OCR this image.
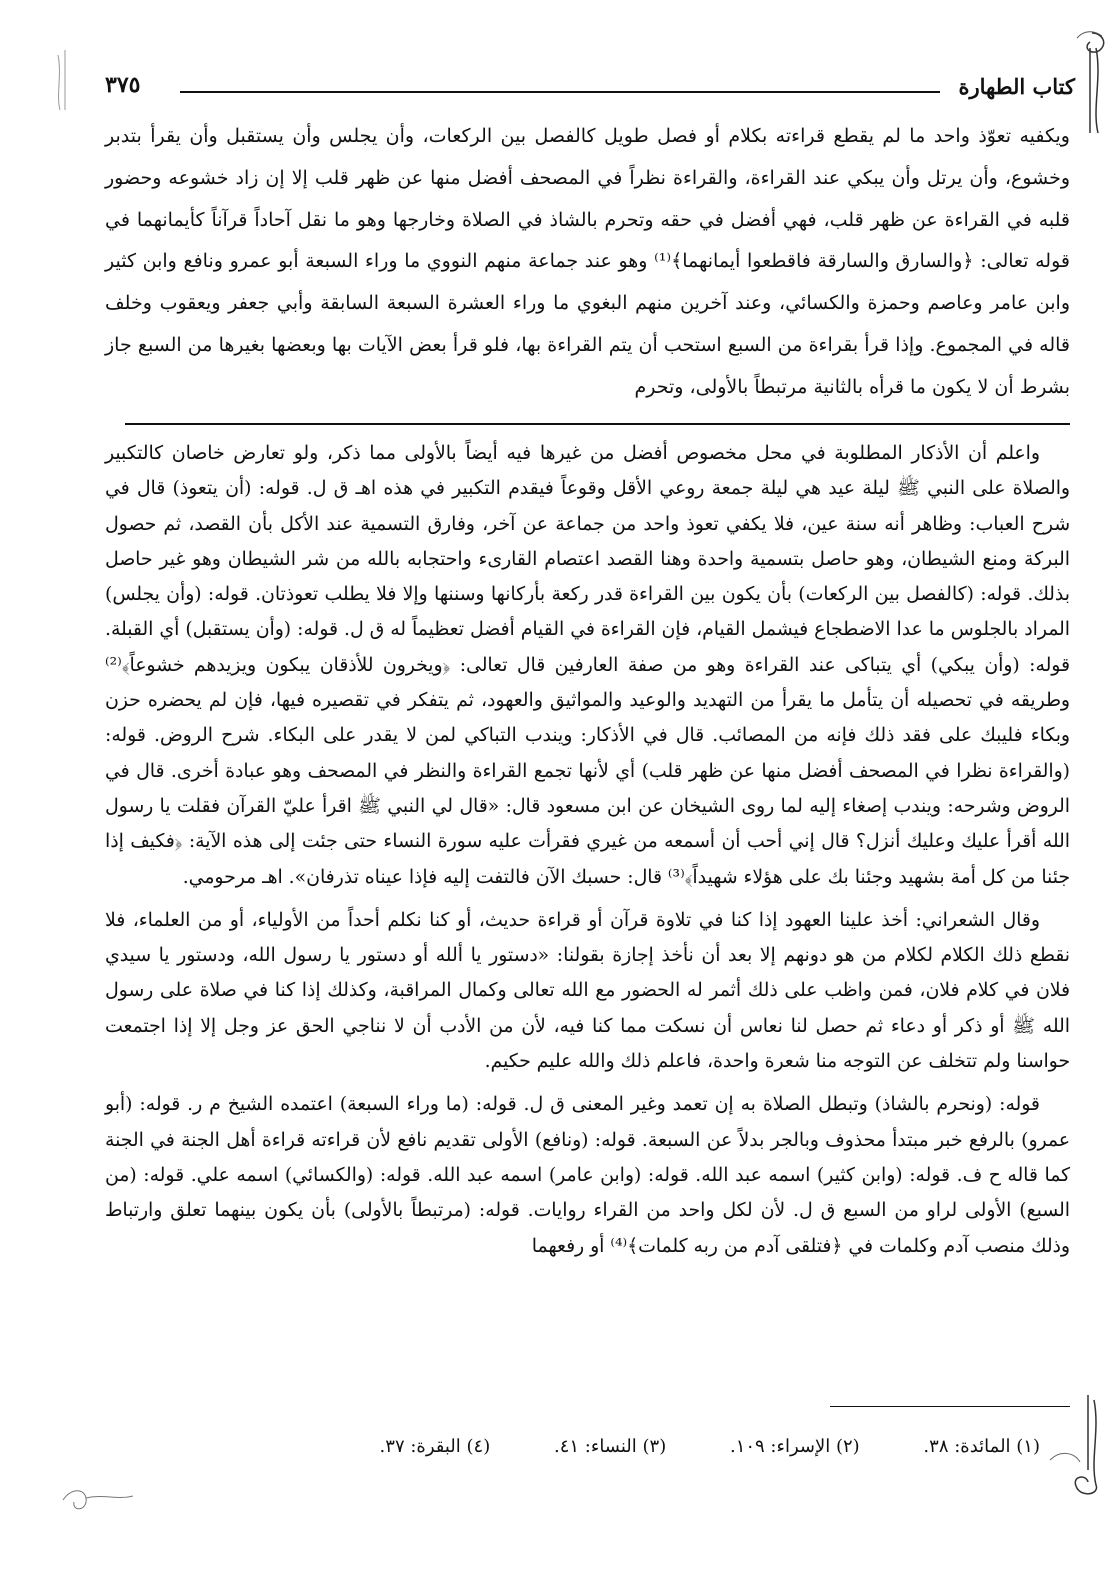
كتاب الطهارة
٣٧٥

ويكفيه تعوّذ واحد ما لم يقطع قراءته بكلام أو فصل طويل كالفصل بين الركعات، وأن يجلس وأن يستقبل وأن يقرأ بتدبر وخشوع، وأن يرتل وأن يبكي عند القراءة، والقراءة نظراً في المصحف أفضل منها عن ظهر قلب إلا إن زاد خشوعه وحضور قلبه في القراءة عن ظهر قلب، فهي أفضل في حقه وتحرم بالشاذ في الصلاة وخارجها وهو ما نقل آحاداً قرآناً كأيمانهما في قوله تعالى: ﴿والسارق والسارقة فاقطعوا أيمانهما﴾⁽¹⁾ وهو عند جماعة منهم النووي ما وراء السبعة أبو عمرو ونافع وابن كثير وابن عامر وعاصم وحمزة والكسائي، وعند آخرين منهم البغوي ما وراء العشرة السبعة السابقة وأبي جعفر ويعقوب وخلف قاله في المجموع. وإذا قرأ بقراءة من السبع استحب أن يتم القراءة بها، فلو قرأ بعض الآيات بها وبعضها بغيرها من السبع جاز بشرط أن لا يكون ما قرأه بالثانية مرتبطاً بالأولى، وتحرم

واعلم أن الأذكار المطلوبة في محل مخصوص أفضل من غيرها فيه أيضاً بالأولى مما ذكر، ولو تعارض خاصان كالتكبير والصلاة على النبي ﷺ ليلة عيد هي ليلة جمعة روعي الأقل وقوعاً فيقدم التكبير في هذه اهـ ق ل. قوله: (أن يتعوذ) قال في شرح العباب: وظاهر أنه سنة عين، فلا يكفي تعوذ واحد من جماعة عن آخر، وفارق التسمية عند الأكل بأن القصد، ثم حصول البركة ومنع الشيطان، وهو حاصل بتسمية واحدة وهنا القصد اعتصام القارىء واحتجابه بالله من شر الشيطان وهو غير حاصل بذلك. قوله: (كالفصل بين الركعات) بأن يكون بين القراءة قدر ركعة بأركانها وسننها وإلا فلا يطلب تعوذتان. قوله: (وأن يجلس) المراد بالجلوس ما عدا الاضطجاع فيشمل القيام، فإن القراءة في القيام أفضل تعظيماً له ق ل. قوله: (وأن يستقبل) أي القبلة. قوله: (وأن يبكي) أي يتباكى عند القراءة وهو من صفة العارفين قال تعالى: ﴿ويخرون للأذقان يبكون ويزيدهم خشوعاً﴾⁽²⁾ وطريقه في تحصيله أن يتأمل ما يقرأ من التهديد والوعيد والمواثيق والعهود، ثم يتفكر في تقصيره فيها، فإن لم يحضره حزن وبكاء فليبك على فقد ذلك فإنه من المصائب. قال في الأذكار: ويندب التباكي لمن لا يقدر على البكاء. شرح الروض. قوله: (والقراءة نظرا في المصحف أفضل منها عن ظهر قلب) أي لأنها تجمع القراءة والنظر في المصحف وهو عبادة أخرى. قال في الروض وشرحه: ويندب إصغاء إليه لما روى الشيخان عن ابن مسعود قال: «قال لي النبي ﷺ اقرأ عليّ القرآن فقلت يا رسول الله أقرأ عليك وعليك أنزل؟ قال إني أحب أن أسمعه من غيري فقرأت عليه سورة النساء حتى جئت إلى هذه الآية: ﴿فكيف إذا جئنا من كل أمة بشهيد وجئنا بك على هؤلاء شهيداً﴾⁽³⁾ قال: حسبك الآن فالتفت إليه فإذا عيناه تذرفان». اهـ مرحومي.

وقال الشعراني: أخذ علينا العهود إذا كنا في تلاوة قرآن أو قراءة حديث، أو كنا نكلم أحداً من الأولياء، أو من العلماء، فلا نقطع ذلك الكلام لكلام من هو دونهم إلا بعد أن نأخذ إجازة بقولنا: «دستور يا ألله أو دستور يا رسول الله، ودستور يا سيدي فلان في كلام فلان، فمن واظب على ذلك أثمر له الحضور مع الله تعالى وكمال المراقبة، وكذلك إذا كنا في صلاة على رسول الله ﷺ أو ذكر أو دعاء ثم حصل لنا نعاس أن نسكت مما كنا فيه، لأن من الأدب أن لا نناجي الحق عز وجل إلا إذا اجتمعت حواسنا ولم تتخلف عن التوجه منا شعرة واحدة، فاعلم ذلك والله عليم حكيم.

قوله: (ونحرم بالشاذ) وتبطل الصلاة به إن تعمد وغير المعنى ق ل. قوله: (ما وراء السبعة) اعتمده الشيخ م ر. قوله: (أبو عمرو) بالرفع خبر مبتدأ محذوف وبالجر بدلاً عن السبعة. قوله: (ونافع) الأولى تقديم نافع لأن قراءته قراءة أهل الجنة في الجنة كما قاله ح ف. قوله: (وابن كثير) اسمه عبد الله. قوله: (وابن عامر) اسمه عبد الله. قوله: (والكسائي) اسمه علي. قوله: (من السبع) الأولى لراو من السبع ق ل. لأن لكل واحد من القراء روايات. قوله: (مرتبطاً بالأولى) بأن يكون بينهما تعلق وارتباط وذلك منصب آدم وكلمات في ﴿فتلقى آدم من ربه كلمات﴾⁽⁴⁾ أو رفعهما

(١) المائدة: ٣٨. (٢) الإسراء: ١٠٩. (٣) النساء: ٤١. (٤) البقرة: ٣٧.
